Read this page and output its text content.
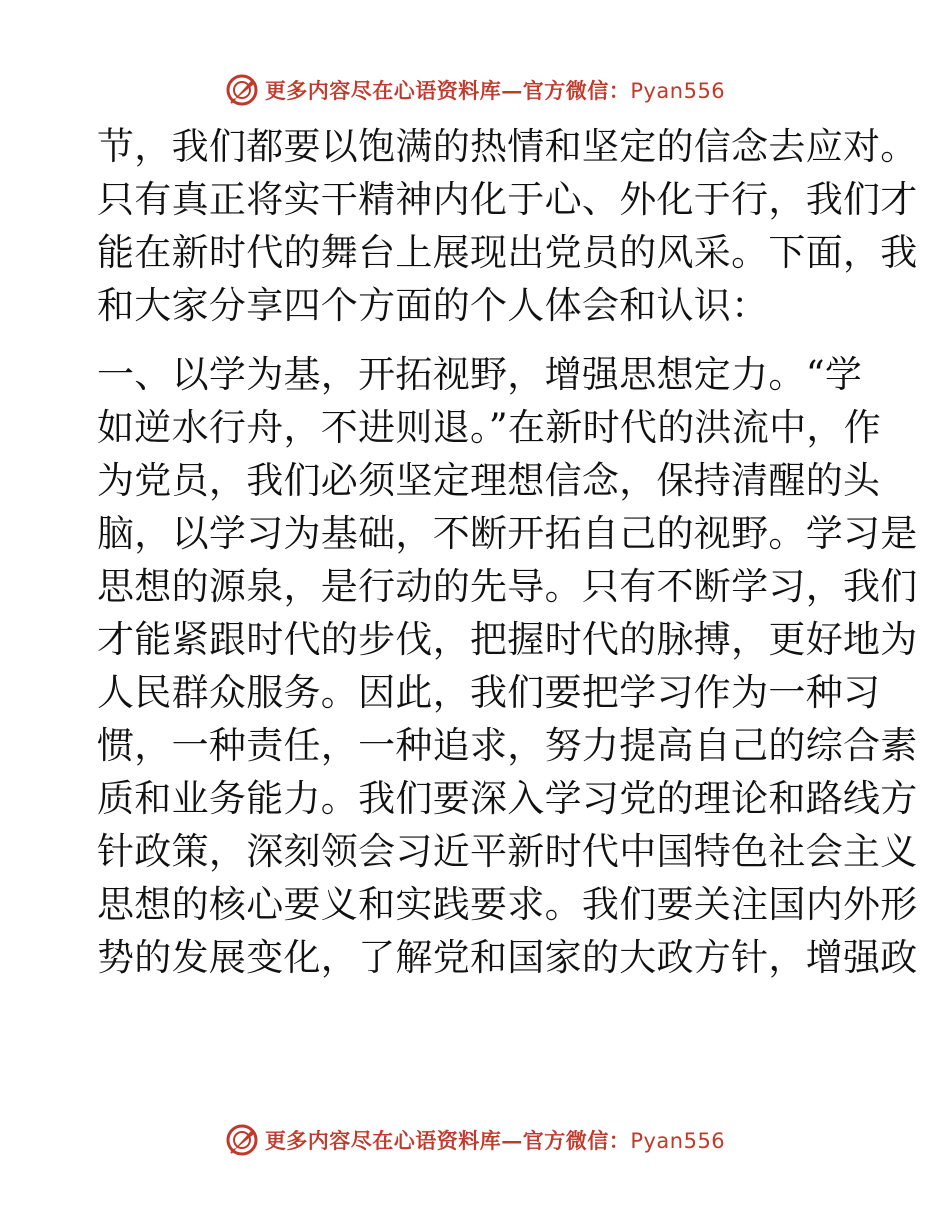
更多内容尽在心语资料库—官方微信：Pyan556
节，我们都要以饱满的热情和坚定的信念去应对。
只有真正将实干精神内化于心、外化于行，我们才
能在新时代的舞台上展现出党员的风采。下面，我
和大家分享四个方面的个人体会和认识：
一、以学为基，开拓视野，增强思想定力。“学
如逆水行舟，不进则退。”在新时代的洪流中，作
为党员，我们必须坚定理想信念，保持清醒的头
脑，以学习为基础，不断开拓自己的视野。学习是
思想的源泉，是行动的先导。只有不断学习，我们
才能紧跟时代的步伐，把握时代的脉搏，更好地为
人民群众服务。因此，我们要把学习作为一种习
惯，一种责任，一种追求，努力提高自己的综合素
质和业务能力。我们要深入学习党的理论和路线方
针政策，深刻领会习近平新时代中国特色社会主义
思想的核心要义和实践要求。我们要关注国内外形
势的发展变化，了解党和国家的大政方针，增强政
更多内容尽在心语资料库—官方微信：Pyan556
